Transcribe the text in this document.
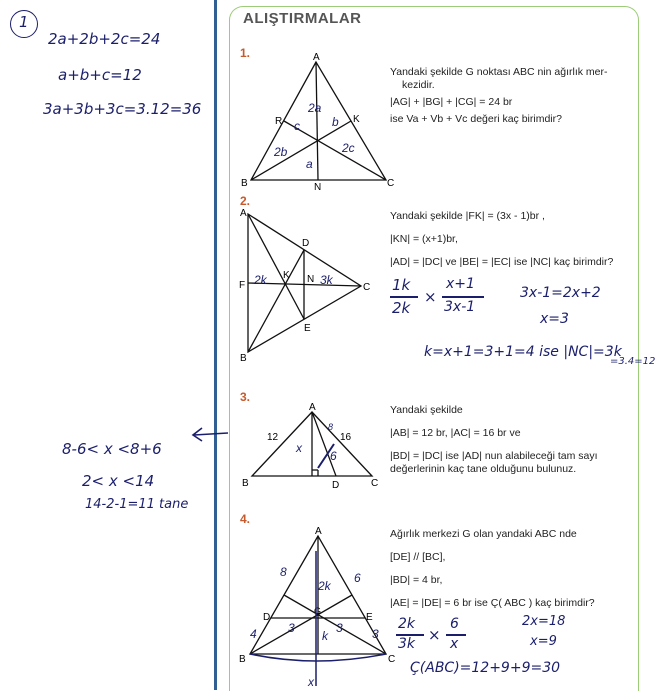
ALIŞTIRMALAR
1
2a+2b+2c=24
a+b+c=12
3a+3b+3c=3.12=36
8-6< x <8+6
2< x <14
14-2-1=11 tane
1.	A
B	C
R	K
N
2a
c	b
2b	2c
a
Yandaki şekilde G noktası ABC nin ağırlık mer-
kezidir.
|AG| + |BG| + |CG| = 24 br
ise Va + Vb + Vc değeri kaç birimdir?
2.
A
B
C
D
E
F
K N
2k	3k
Yandaki şekilde |FK| = (3x - 1)br ,
|KN| = (x+1)br,
|AD| = |DC| ve |BE| = |EC| ise |NC| kaç birimdir?
1k
2k
×
x+1
3x-1
3x-1=2x+2
x=3
k=x+1=3+1=4 ise |NC|=3k
=3.4=12
3.
A
B	C
D
12	16
x
6
8
Yandaki şekilde
|AB| = 12 br, |AC| = 16 br ve
|BD| = |DC| ise |AD| nun alabileceği tam sayı
değerlerinin kaç tane olduğunu bulunuz.
4.
A
B	C
D	E
G
8
2k
6
4	3
k
3 3
x
Ağırlık merkezi G olan yandaki ABC nde
[DE] // [BC],
|BD| = 4 br,
|AE| = |DE| = 6 br ise Ç( ABC ) kaç birimdir?
2k
3k ×
6
x
2x=18
x=9
Ç(ABC)=12+9+9=30
